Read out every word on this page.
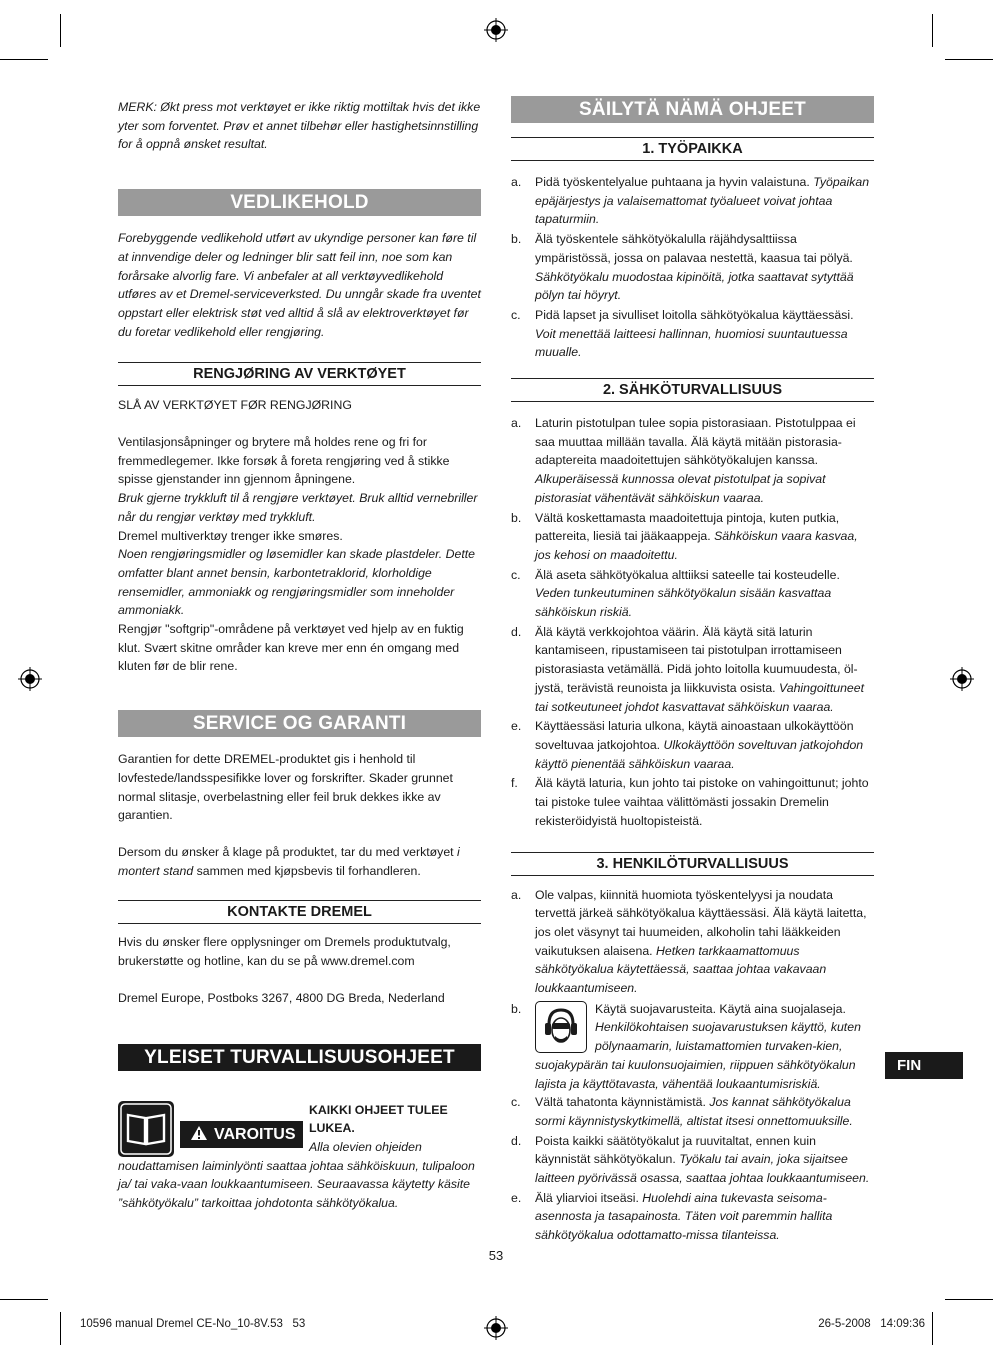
MERK: Økt press mot verktøyet er ikke riktig mottiltak hvis det ikke yter som forventet. Prøv et annet tilbehør eller hastighetsinnstilling for å oppnå ønsket resultat.

VEDLIKEHOLD

Forebyggende vedlikehold utført av ukyndige personer kan føre til at innvendige deler og ledninger blir satt feil inn, noe som kan forårsake alvorlig fare. Vi anbefaler at all verktøyvedlikehold utføres av et Dremel-serviceverksted. Du unngår skade fra uventet oppstart eller elektrisk støt ved alltid å slå av elektroverktøyet før du foretar vedlikehold eller rengjøring.

RENGJØRING AV VERKTØYET

SLÅ AV VERKTØYET FØR RENGJØRING

Ventilasjonsåpninger og brytere må holdes rene og fri for fremmedlegemer. Ikke forsøk å foreta rengjøring ved å stikke spisse gjenstander inn gjennom åpningene.

Bruk gjerne trykkluft til å rengjøre verktøyet. Bruk alltid vernebriller når du rengjør verktøy med trykkluft.

Dremel multiverktøy trenger ikke smøres.

Noen rengjøringsmidler og løsemidler kan skade plastdeler. Dette omfatter blant annet bensin, karbontetraklorid, klorholdige rensemidler, ammoniakk og rengjøringsmidler som inneholder ammoniakk.

Rengjør "softgrip"-områdene på verktøyet ved hjelp av en fuktig klut. Svært skitne områder kan kreve mer enn én omgang med kluten før de blir rene.

SERVICE OG GARANTI

Garantien for dette DREMEL-produktet gis i henhold til lovfestede/landsspesifikke lover og forskrifter. Skader grunnet normal slitasje, overbelastning eller feil bruk dekkes ikke av garantien.

Dersom du ønsker å klage på produktet, tar du med verktøyet i montert stand sammen med kjøpsbevis til forhandleren.

KONTAKTE DREMEL

Hvis du ønsker flere opplysninger om Dremels produktutvalg, brukerstøtte og hotline, kan du se på www.dremel.com

Dremel Europe, Postboks 3267, 4800 DG Breda, Nederland

YLEISET TURVALLISUUSOHJEET
VAROITUS

KAIKKI OHJEET TULEE LUKEA.
Alla olevien ohjeiden

noudattamisen laiminlyönti saattaa johtaa sähköiskuun, tulipaloon ja/ tai vaka-vaan loukkaantumiseen. Seuraavassa käytetty käsite ”sähkötyökalu” tarkoittaa johdotonta sähkötyökalua.

SÄILYTÄ NÄMÄ OHJEET
1. TYÖPAIKKA
a. Pidä työskentelyalue puhtaana ja hyvin valaistuna. Työpaikan epäjärjestys ja valaisemattomat työalueet voivat johtaa tapaturmiin.
b. Älä työskentele sähkötyökalulla räjähdysalttiissa ympäristössä, jossa on palavaa nestettä, kaasua tai pölyä. Sähkötyökalu muodostaa kipinöitä, jotka saattavat sytyttää pölyn tai höyryt.
c. Pidä lapset ja sivulliset loitolla sähkötyökalua käyttäessäsi. Voit menettää laitteesi hallinnan, huomiosi suuntautuessa muualle.
2. SÄHKÖTURVALLISUUS
a. Laturin pistotulpan tulee sopia pistorasiaan. Pistotulppaa ei saa muuttaa millään tavalla. Älä käytä mitään pistorasia-adaptereita maadoitettujen sähkötyökalujen kanssa. Alkuperäisessä kunnossa olevat pistotulpat ja sopivat pistorasiat vähentävät sähköiskun vaaraa.
b. Vältä koskettamasta maadoitettuja pintoja, kuten putkia, pattereita, liesiä tai jääkaappeja. Sähköiskun vaara kasvaa, jos kehosi on maadoitettu.
c. Älä aseta sähkötyökalua alttiiksi sateelle tai kosteudelle. Veden tunkeutuminen sähkötyökalun sisään kasvattaa sähköiskun riskiä.
d. Älä käytä verkkojohtoa väärin. Älä käytä sitä laturin kantamiseen, ripustamiseen tai pistotulpan irrottamiseen pistorasiasta vetämällä. Pidä johto loitolla kuumuudesta, öl-jystä, terävistä reunoista ja liikkuvista osista. Vahingoittuneet tai sotkeutuneet johdot kasvattavat sähköiskun vaaraa.
e. Käyttäessäsi laturia ulkona, käytä ainoastaan ulkokäyttöön soveltuvaa jatkojohtoa. Ulkokäyttöön soveltuvan jatkojohdon käyttö pienentää sähköiskun vaaraa.
f. Älä käytä laturia, kun johto tai pistoke on vahingoittunut; johto tai pistoke tulee vaihtaa välittömästi jossakin Dremelin rekisteröidyistä huoltopisteistä.
3. HENKILÖTURVALLISUUS
a. Ole valpas, kiinnitä huomiota työskentelyysi ja noudata tervettä järkeä sähkötyökalua käyttäessäsi. Älä käytä laitetta, jos olet väsynyt tai huumeiden, alkoholin tahi lääkkeiden vaikutuksen alaisena. Hetken tarkkaamattomuus sähkötyökalua käytettäessä, saattaa johtaa vakavaan loukkaantumiseen.
b.	Käytä suojavarusteita. Käytä aina suojalaseja. Henkilökohtaisen suojavarustuksen käyttö, kuten pölynaamarin, luistamattomien turvaken-kien, suojakypärän tai kuulonsuojaimien, riippuen sähkötyökalun lajista ja käyttötavasta, vähentää loukaantumisriskiä.
c. Vältä tahatonta käynnistämistä. Jos kannat sähkötyökalua sormi käynnistyskytkimellä, altistat itsesi onnettomuuksille.
d. Poista kaikki säätötyökalut ja ruuvitaltat, ennen kuin käynnistät sähkötyökalun. Työkalu tai avain, joka sijaitsee laitteen pyörivässä osassa, saattaa johtaa loukkaantumiseen.
e. Älä yliarvioi itseäsi. Huolehdi aina tukevasta seisoma-asennosta ja tasapainosta. Täten voit paremmin hallita sähkötyökalua odottamatto-missa tilanteissa.
FIN
53
10596 manual Dremel CE-No_10-8V.53   53	26-5-2008   14:09:36
